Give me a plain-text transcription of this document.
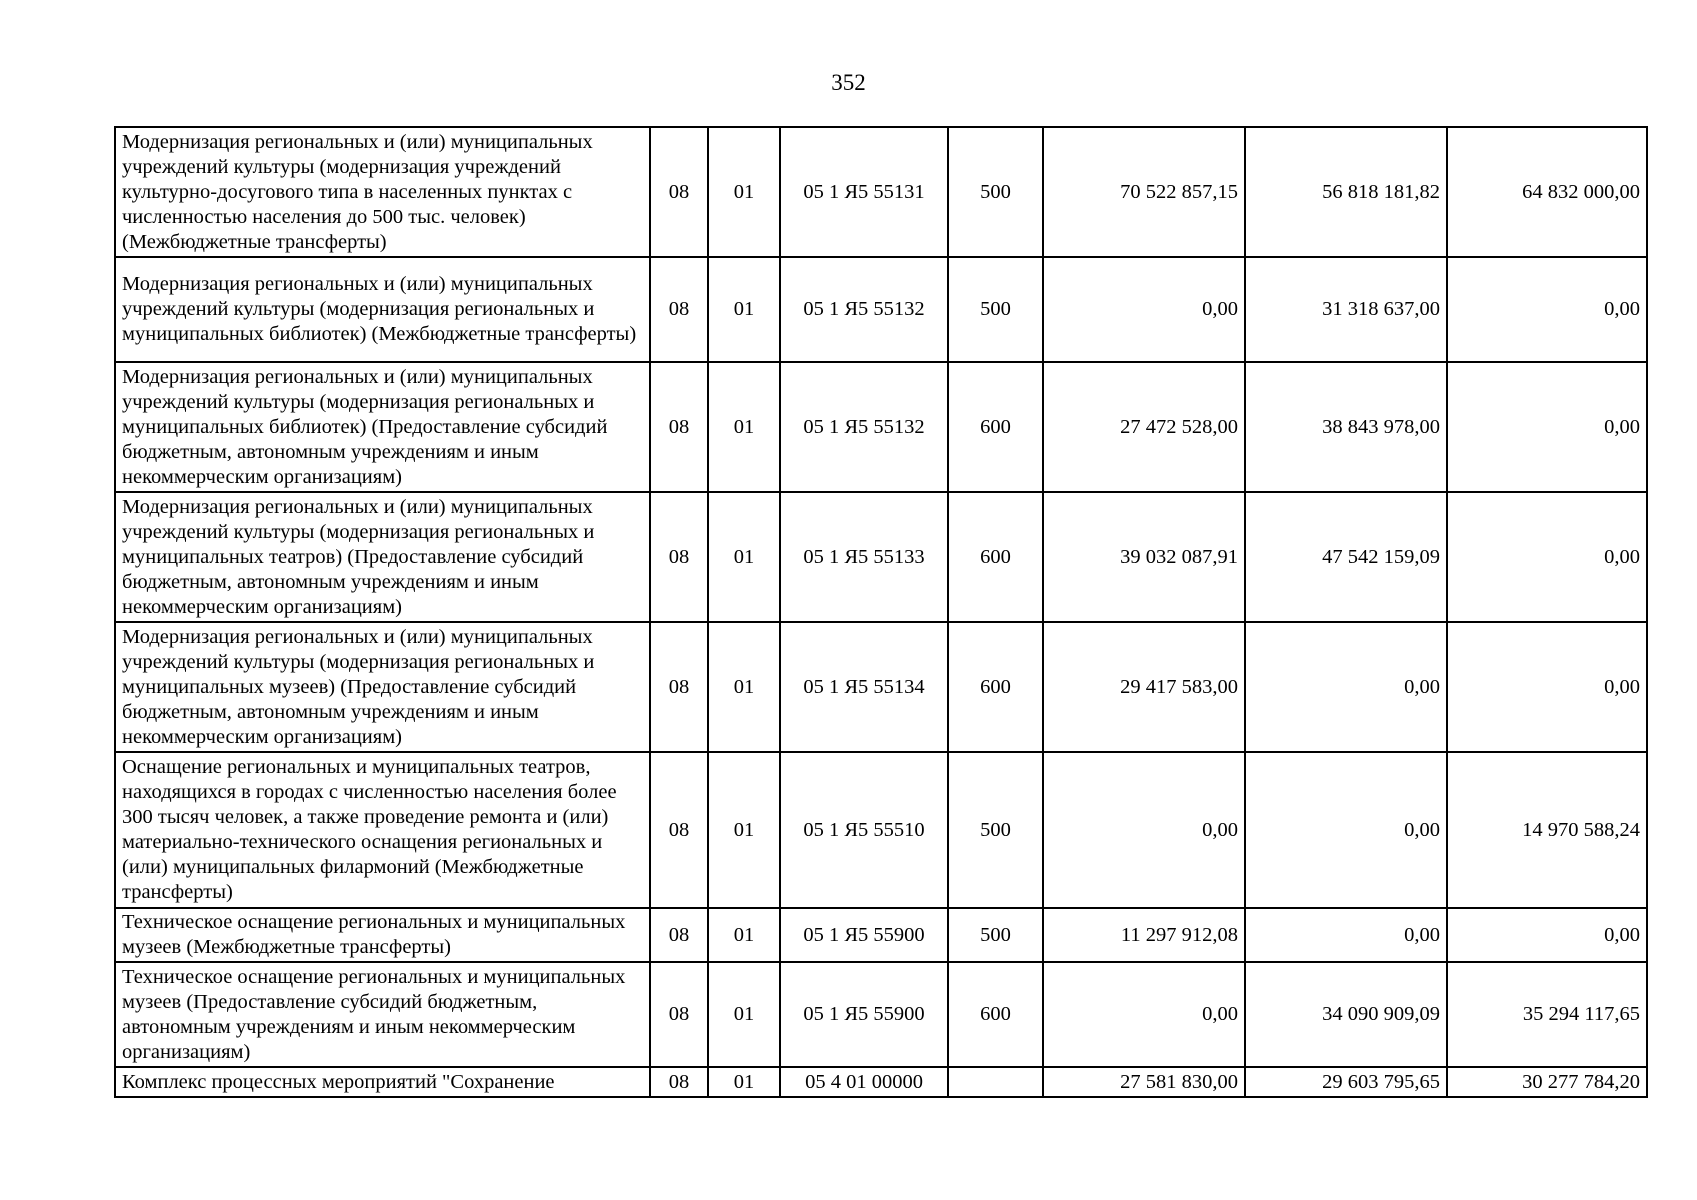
352
Модернизация региональных и (или) муниципальных учреждений культуры (модернизация учреждений культурно-досугового типа в населенных пунктах с численностью населения до 500 тыс. человек) (Межбюджетные трансферты)	08	01	05 1 Я5 55131	500	70 522 857,15	56 818 181,82	64 832 000,00
Модернизация региональных и (или) муниципальных учреждений культуры (модернизация региональных и муниципальных библиотек) (Межбюджетные трансферты)	08	01	05 1 Я5 55132	500	0,00	31 318 637,00	0,00
Модернизация региональных и (или) муниципальных учреждений культуры (модернизация региональных и муниципальных библиотек) (Предоставление субсидий бюджетным, автономным учреждениям и иным некоммерческим организациям)	08	01	05 1 Я5 55132	600	27 472 528,00	38 843 978,00	0,00
Модернизация региональных и (или) муниципальных учреждений культуры (модернизация региональных и муниципальных театров) (Предоставление субсидий бюджетным, автономным учреждениям и иным некоммерческим организациям)	08	01	05 1 Я5 55133	600	39 032 087,91	47 542 159,09	0,00
Модернизация региональных и (или) муниципальных учреждений культуры (модернизация региональных и муниципальных музеев) (Предоставление субсидий бюджетным, автономным учреждениям и иным некоммерческим организациям)	08	01	05 1 Я5 55134	600	29 417 583,00	0,00	0,00
Оснащение региональных и муниципальных театров, находящихся в городах с численностью населения более 300 тысяч человек, а также проведение ремонта и (или) материально-технического оснащения региональных и (или) муниципальных филармоний (Межбюджетные трансферты)	08	01	05 1 Я5 55510	500	0,00	0,00	14 970 588,24
Техническое оснащение региональных и муниципальных музеев (Межбюджетные трансферты)	08	01	05 1 Я5 55900	500	11 297 912,08	0,00	0,00
Техническое оснащение региональных и муниципальных музеев (Предоставление субсидий бюджетным, автономным учреждениям и иным некоммерческим организациям)	08	01	05 1 Я5 55900	600	0,00	34 090 909,09	35 294 117,65
Комплекс процессных мероприятий "Сохранение	08	01	05 4 01 00000		27 581 830,00	29 603 795,65	30 277 784,20
